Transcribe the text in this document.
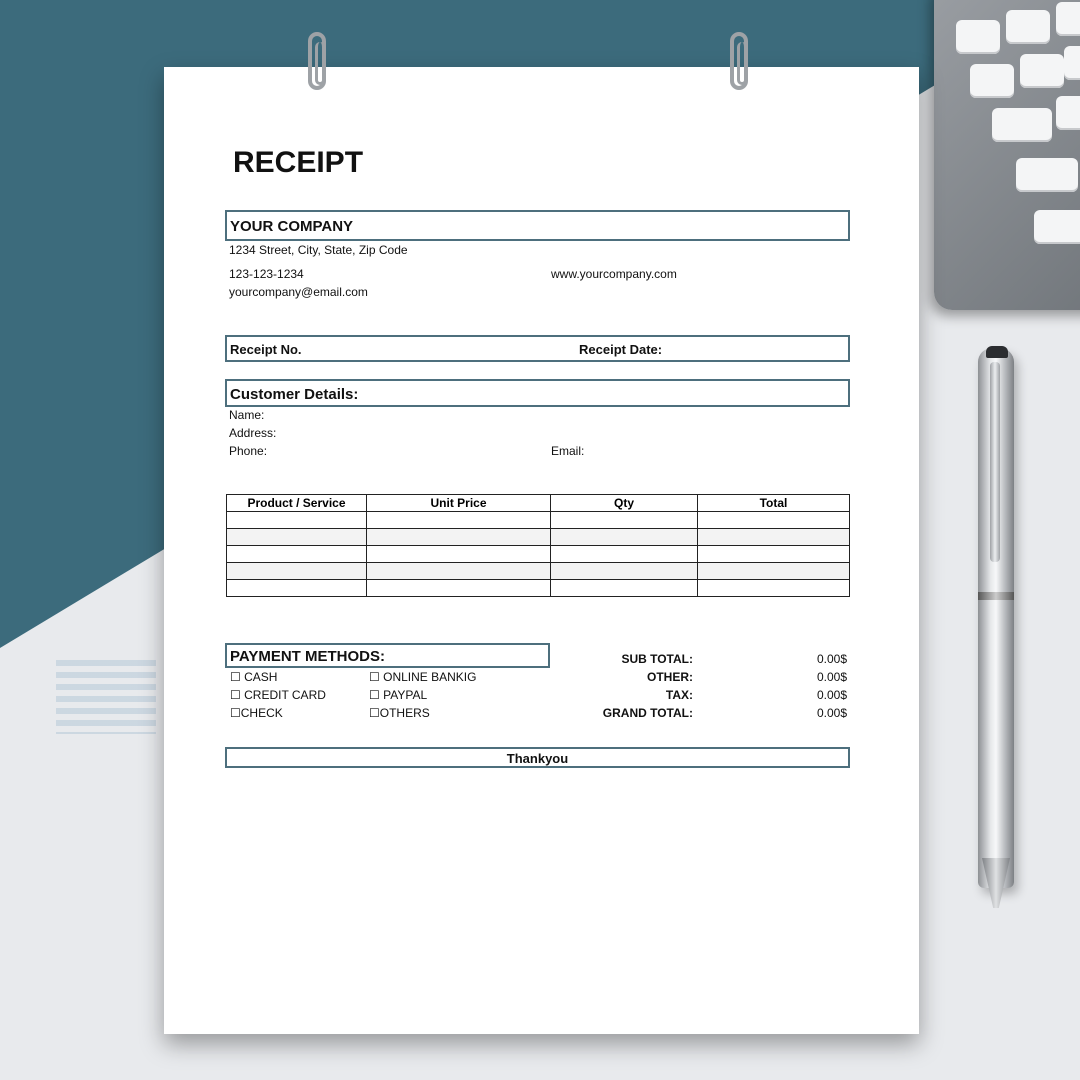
RECEIPT
YOUR COMPANY
1234 Street, City, State, Zip Code
123-123-1234	www.yourcompany.com
yourcompany@email.com
Receipt No.	Receipt Date:
Customer Details:
Name:
Address:
Phone:	Email:
Product / Service	Unit Price	Qty	Total

PAYMENT METHODS:
☐ CASH	☐ ONLINE BANKIG
☐ CREDIT CARD	☐ PAYPAL
☐CHECK	☐OTHERS
SUB TOTAL:	0.00$
OTHER:	0.00$
TAX:	0.00$
GRAND TOTAL:	0.00$
Thankyou
